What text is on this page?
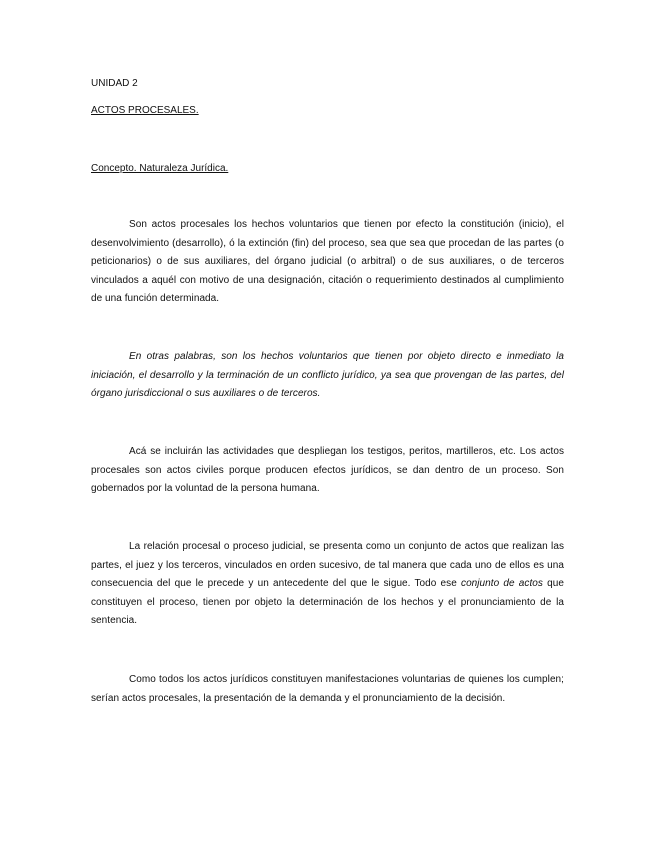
UNIDAD 2

ACTOS PROCESALES.

Concepto. Naturaleza Jurídica.

Son actos procesales los hechos voluntarios que tienen por efecto la constitución (inicio), el desenvolvimiento (desarrollo), ó la extinción (fin) del proceso, sea que sea que procedan de las partes (o peticionarios) o de sus auxiliares, del órgano judicial (o arbitral) o de sus auxiliares, o de terceros vinculados a aquél con motivo de una designación, citación o requerimiento destinados al cumplimiento de una función determinada.

En otras palabras, son los hechos voluntarios que tienen por objeto directo e inmediato la iniciación, el desarrollo y la terminación de un conflicto jurídico, ya sea que provengan de las partes, del órgano jurisdiccional o sus auxiliares o de terceros.

Acá se incluirán las actividades que despliegan los testigos, peritos, martilleros, etc. Los actos procesales son actos civiles porque producen efectos jurídicos, se dan dentro de un proceso. Son gobernados por la voluntad de la persona humana.

La relación procesal o proceso judicial, se presenta como un conjunto de actos que realizan las partes, el juez y los terceros, vinculados en orden sucesivo, de tal manera que cada uno de ellos es una consecuencia del que le precede y un antecedente del que le sigue. Todo ese conjunto de actos que constituyen el proceso, tienen por objeto la determinación de los hechos y el pronunciamiento de la sentencia.

Como todos los actos jurídicos constituyen manifestaciones voluntarias de quienes los cumplen; serían actos procesales, la presentación de la demanda y el pronunciamiento de la decisión.
